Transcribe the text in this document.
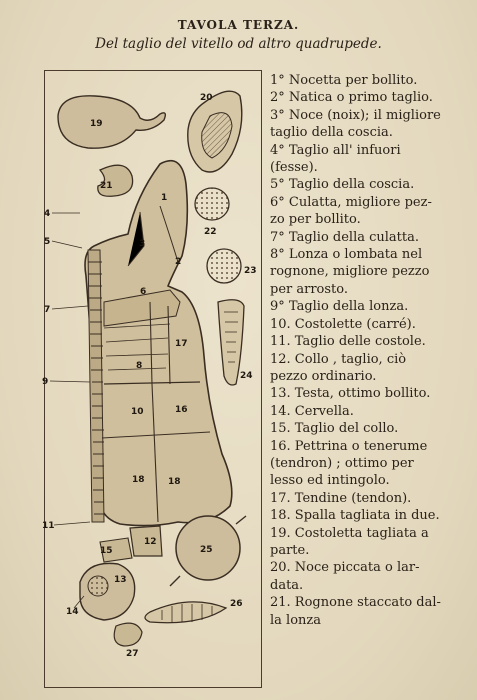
TAVOLA TERZA.
Del taglio del vitello od altro quadrupede.
19
20
21
22
23
24
1
3
2
6
17
8
10	16
18	18
12
15
13
14
25
26
27
4
5
7
9
11
1° Nocetta per bollito.
2° Natica o primo taglio.
3° Noce (noix); il migliore
taglio della coscia.
4° Taglio all' infuori
(fesse).
5° Taglio della coscia.
6° Culatta, migliore pez-
zo per bollito.
7° Taglio della culatta.
8° Lonza o lombata nel
rognone, migliore pezzo
per arrosto.
9° Taglio della lonza.
10. Costolette (carré).
11. Taglio delle costole.
12. Collo , taglio, ciò
pezzo ordinario.
13. Testa, ottimo bollito.
14. Cervella.
15. Taglio del collo.
16. Pettrina o tenerume
(tendron) ; ottimo per
lesso ed intingolo.
17. Tendine (tendon).
18. Spalla tagliata in due.
19. Costoletta tagliata a
parte.
20. Noce piccata o lar-
data.
21. Rognone staccato dal-
la lonza
